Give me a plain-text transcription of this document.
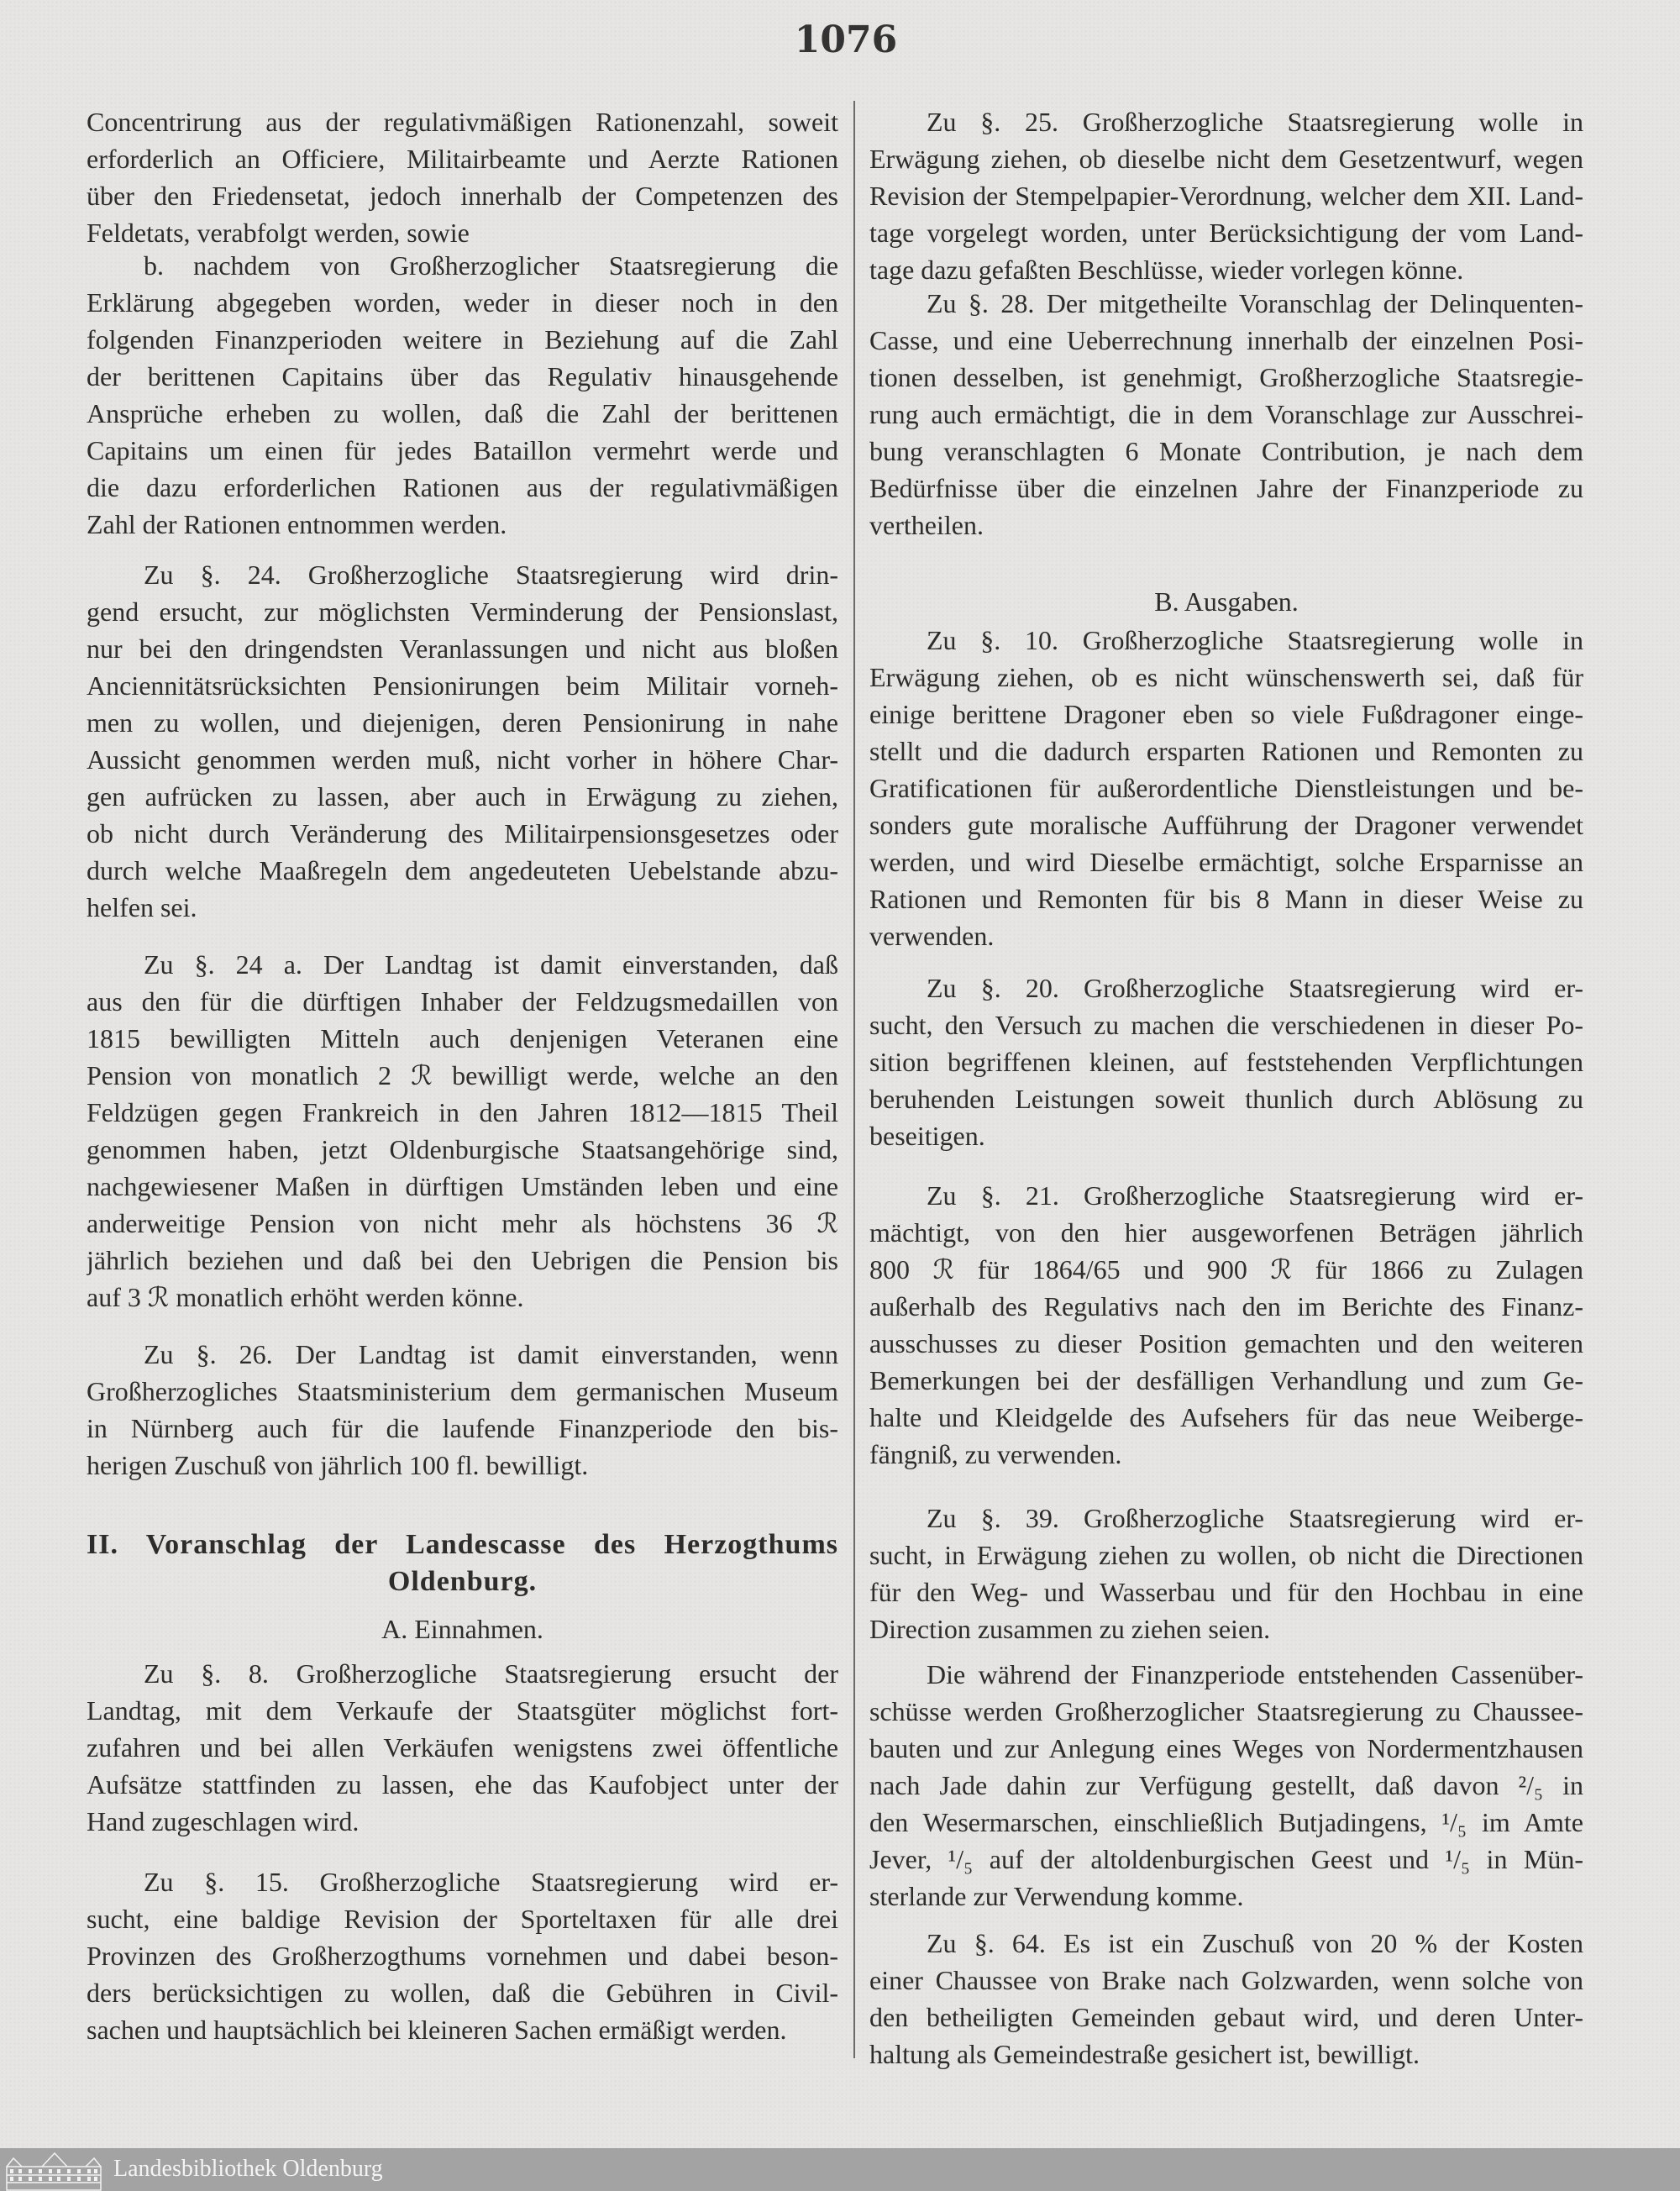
1076
Concentrirung aus der regulativmäßigen Rationenzahl, soweit
erforderlich an Officiere, Militairbeamte und Aerzte Rationen
über den Friedensetat, jedoch innerhalb der Competenzen des
Feldetats, verabfolgt werden, sowie
b. nachdem von Großherzoglicher Staatsregierung die
Erklärung abgegeben worden, weder in dieser noch in den
folgenden Finanzperioden weitere in Beziehung auf die Zahl
der berittenen Capitains über das Regulativ hinausgehende
Ansprüche erheben zu wollen, daß die Zahl der berittenen
Capitains um einen für jedes Bataillon vermehrt werde und
die dazu erforderlichen Rationen aus der regulativmäßigen
Zahl der Rationen entnommen werden.
Zu §. 24. Großherzogliche Staatsregierung wird drin-
gend ersucht, zur möglichsten Verminderung der Pensionslast,
nur bei den dringendsten Veranlassungen und nicht aus bloßen
Anciennitätsrücksichten Pensionirungen beim Militair vorneh-
men zu wollen, und diejenigen, deren Pensionirung in nahe
Aussicht genommen werden muß, nicht vorher in höhere Char-
gen aufrücken zu lassen, aber auch in Erwägung zu ziehen,
ob nicht durch Veränderung des Militairpensionsgesetzes oder
durch welche Maaßregeln dem angedeuteten Uebelstande abzu-
helfen sei.
Zu §. 24 a. Der Landtag ist damit einverstanden, daß
aus den für die dürftigen Inhaber der Feldzugsmedaillen von
1815 bewilligten Mitteln auch denjenigen Veteranen eine
Pension von monatlich 2 ℛ bewilligt werde, welche an den
Feldzügen gegen Frankreich in den Jahren 1812—1815 Theil
genommen haben, jetzt Oldenburgische Staatsangehörige sind,
nachgewiesener Maßen in dürftigen Umständen leben und eine
anderweitige Pension von nicht mehr als höchstens 36 ℛ
jährlich beziehen und daß bei den Uebrigen die Pension bis
auf 3 ℛ monatlich erhöht werden könne.
Zu §. 26. Der Landtag ist damit einverstanden, wenn
Großherzogliches Staatsministerium dem germanischen Museum
in Nürnberg auch für die laufende Finanzperiode den bis-
herigen Zuschuß von jährlich 100 fl. bewilligt.
II. Voranschlag der Landescasse des Herzogthums
Oldenburg.
A. Einnahmen.
Zu §. 8. Großherzogliche Staatsregierung ersucht der
Landtag, mit dem Verkaufe der Staatsgüter möglichst fort-
zufahren und bei allen Verkäufen wenigstens zwei öffentliche
Aufsätze stattfinden zu lassen, ehe das Kaufobject unter der
Hand zugeschlagen wird.
Zu §. 15. Großherzogliche Staatsregierung wird er-
sucht, eine baldige Revision der Sporteltaxen für alle drei
Provinzen des Großherzogthums vornehmen und dabei beson-
ders berücksichtigen zu wollen, daß die Gebühren in Civil-
sachen und hauptsächlich bei kleineren Sachen ermäßigt werden.
Zu §. 25. Großherzogliche Staatsregierung wolle in
Erwägung ziehen, ob dieselbe nicht dem Gesetzentwurf, wegen
Revision der Stempelpapier-Verordnung, welcher dem XII. Land-
tage vorgelegt worden, unter Berücksichtigung der vom Land-
tage dazu gefaßten Beschlüsse, wieder vorlegen könne.
Zu §. 28. Der mitgetheilte Voranschlag der Delinquenten-
Casse, und eine Ueberrechnung innerhalb der einzelnen Posi-
tionen desselben, ist genehmigt, Großherzogliche Staatsregie-
rung auch ermächtigt, die in dem Voranschlage zur Ausschrei-
bung veranschlagten 6 Monate Contribution, je nach dem
Bedürfnisse über die einzelnen Jahre der Finanzperiode zu
vertheilen.
B. Ausgaben.
Zu §. 10. Großherzogliche Staatsregierung wolle in
Erwägung ziehen, ob es nicht wünschenswerth sei, daß für
einige berittene Dragoner eben so viele Fußdragoner einge-
stellt und die dadurch ersparten Rationen und Remonten zu
Gratificationen für außerordentliche Dienstleistungen und be-
sonders gute moralische Aufführung der Dragoner verwendet
werden, und wird Dieselbe ermächtigt, solche Ersparnisse an
Rationen und Remonten für bis 8 Mann in dieser Weise zu
verwenden.
Zu §. 20. Großherzogliche Staatsregierung wird er-
sucht, den Versuch zu machen die verschiedenen in dieser Po-
sition begriffenen kleinen, auf feststehenden Verpflichtungen
beruhenden Leistungen soweit thunlich durch Ablösung zu
beseitigen.
Zu §. 21. Großherzogliche Staatsregierung wird er-
mächtigt, von den hier ausgeworfenen Beträgen jährlich
800 ℛ für 1864/65 und 900 ℛ für 1866 zu Zulagen
außerhalb des Regulativs nach den im Berichte des Finanz-
ausschusses zu dieser Position gemachten und den weiteren
Bemerkungen bei der desfälligen Verhandlung und zum Ge-
halte und Kleidgelde des Aufsehers für das neue Weiberge-
fängniß, zu verwenden.
Zu §. 39. Großherzogliche Staatsregierung wird er-
sucht, in Erwägung ziehen zu wollen, ob nicht die Directionen
für den Weg- und Wasserbau und für den Hochbau in eine
Direction zusammen zu ziehen seien.
Die während der Finanzperiode entstehenden Cassenüber-
schüsse werden Großherzoglicher Staatsregierung zu Chaussee-
bauten und zur Anlegung eines Weges von Nordermentzhausen
nach Jade dahin zur Verfügung gestellt, daß davon ²/₅ in
den Wesermarschen, einschließlich Butjadingens, ¹/₅ im Amte
Jever, ¹/₅ auf der altoldenburgischen Geest und ¹/₅ in Mün-
sterlande zur Verwendung komme.
Zu §. 64. Es ist ein Zuschuß von 20 % der Kosten
einer Chaussee von Brake nach Golzwarden, wenn solche von
den betheiligten Gemeinden gebaut wird, und deren Unter-
haltung als Gemeindestraße gesichert ist, bewilligt.
Landesbibliothek Oldenburg
